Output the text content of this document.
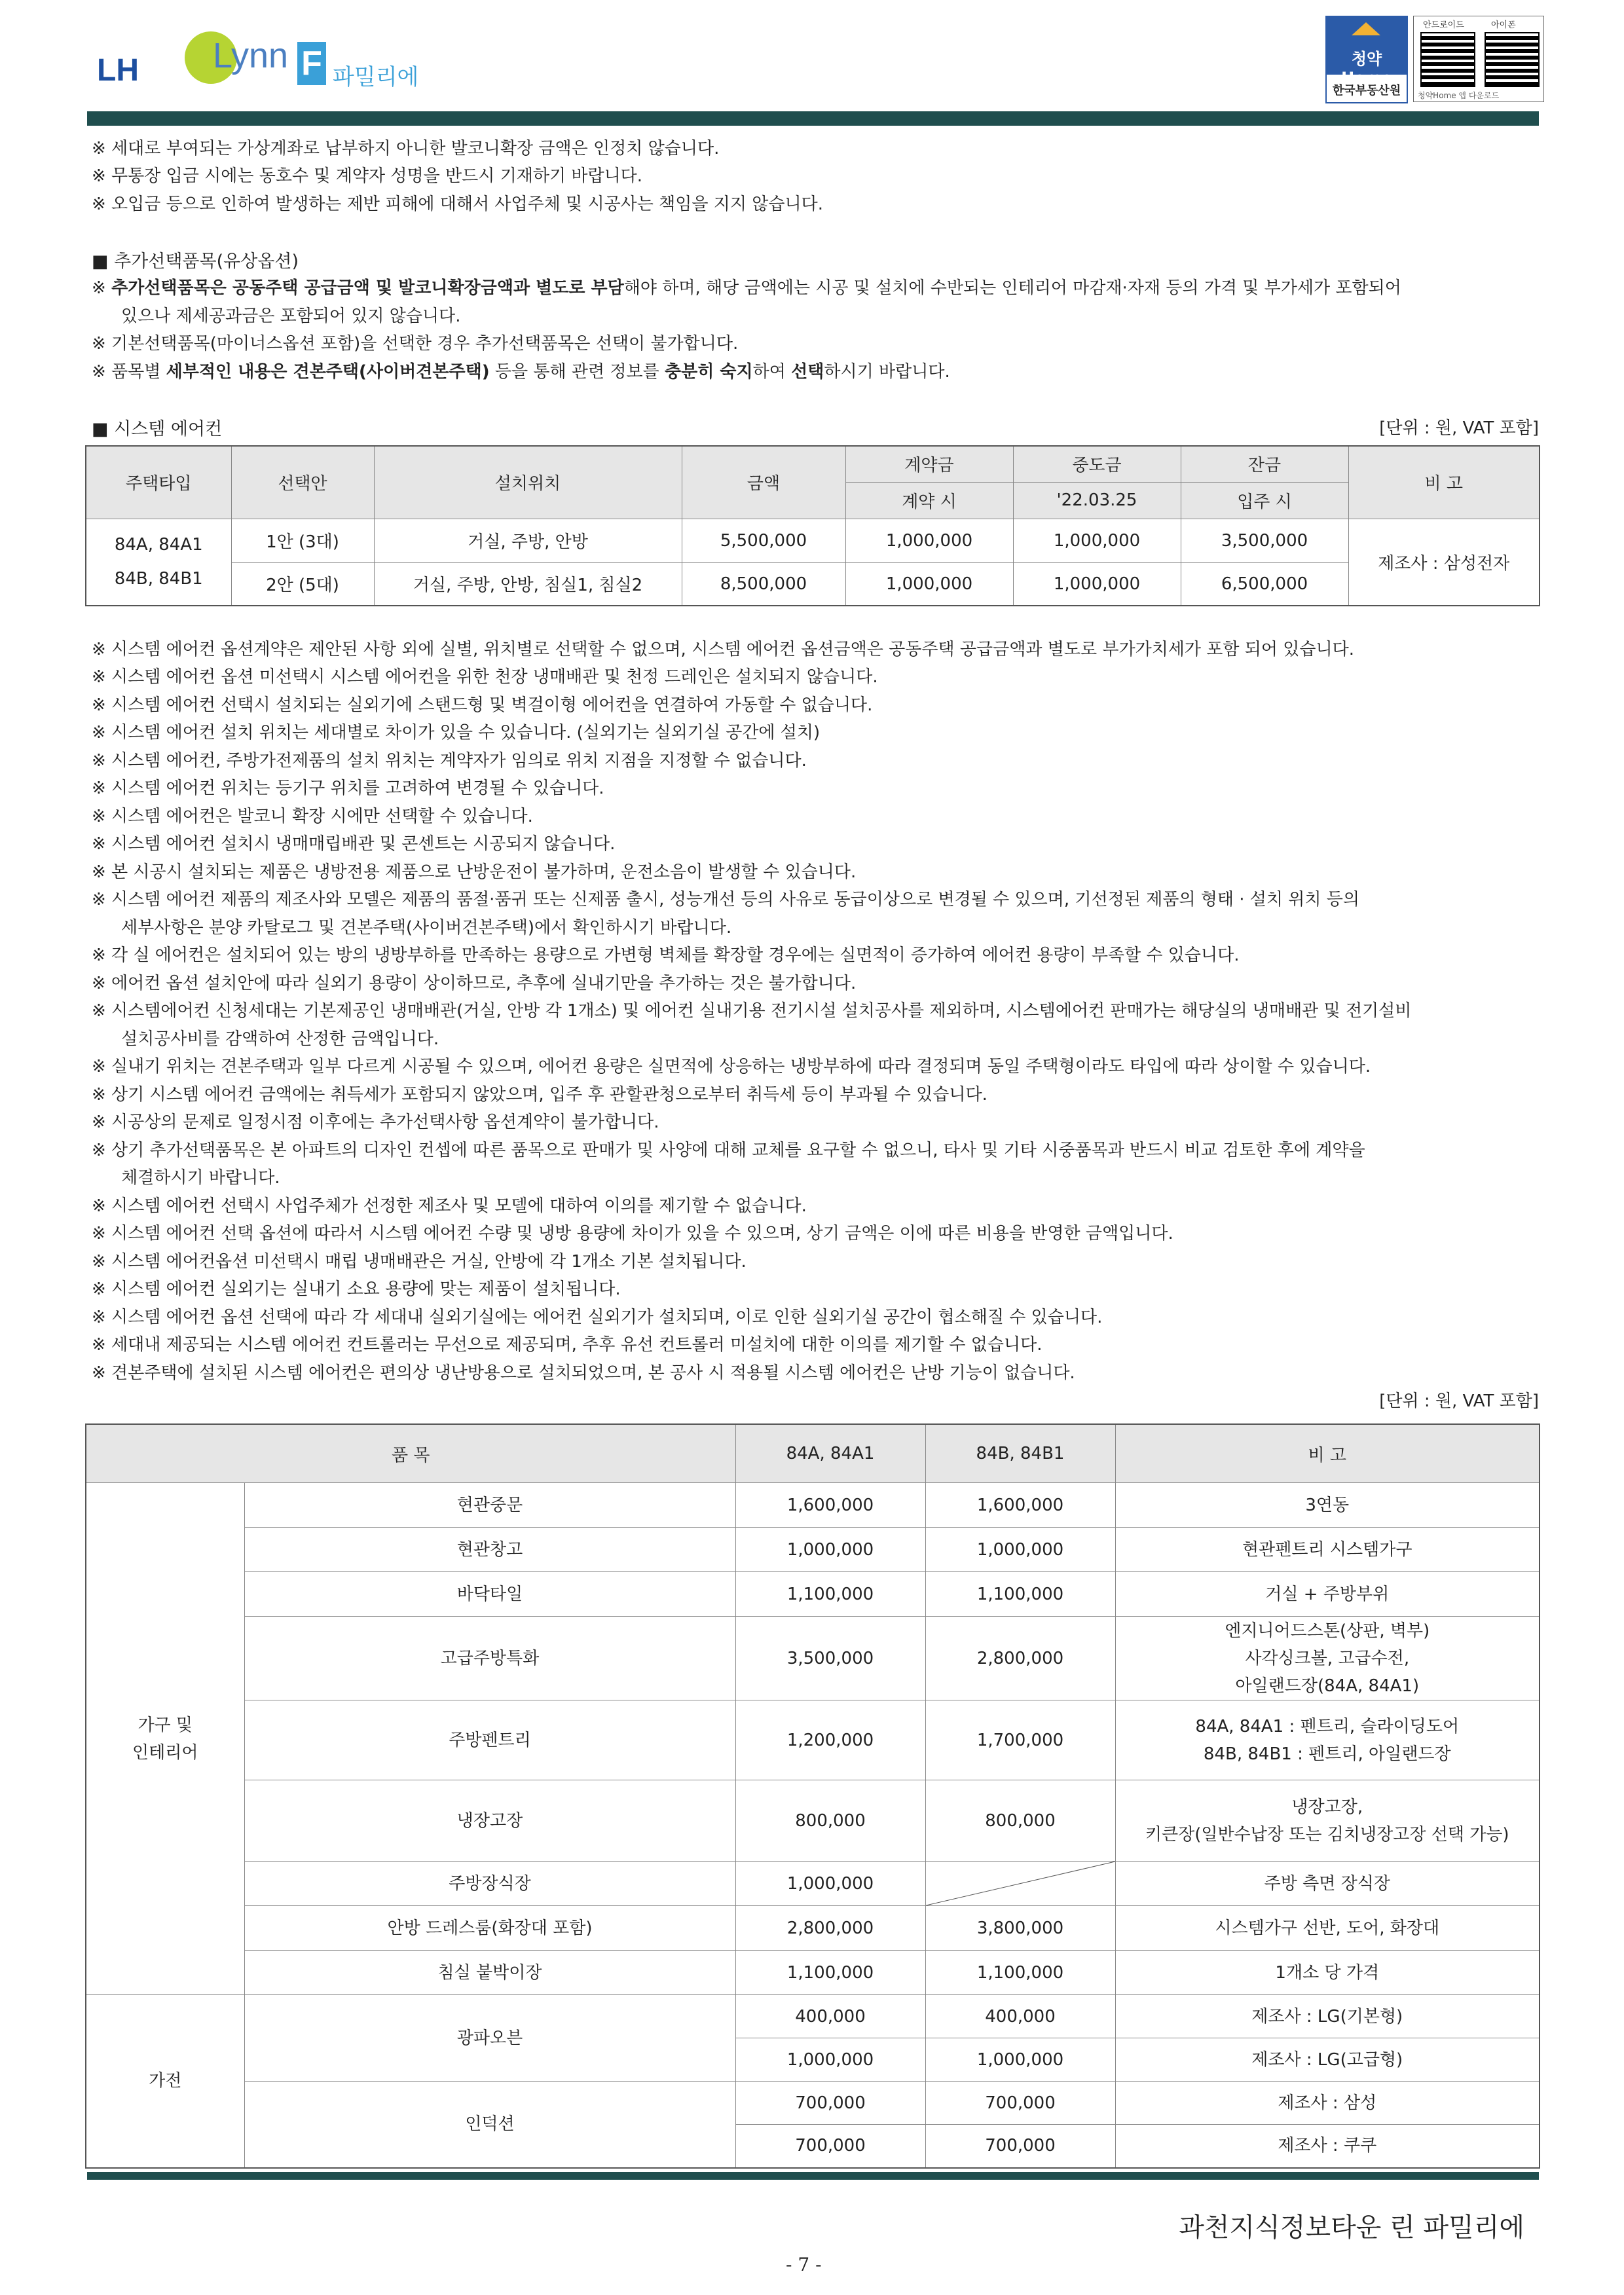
LH Lynn F 파밀리에
청약Home
한국부동산원
안드로이드	아이폰
청약Home 앱 다운로드
※ 세대로 부여되는 가상계좌로 납부하지 아니한 발코니확장 금액은 인정치 않습니다.
※ 무통장 입금 시에는 동호수 및 계약자 성명을 반드시 기재하기 바랍니다.
※ 오입금 등으로 인하여 발생하는 제반 피해에 대해서 사업주체 및 시공사는 책임을 지지 않습니다.
■ 추가선택품목(유상옵션)
※ 추가선택품목은 공동주택 공급금액 및 발코니확장금액과 별도로 부담해야 하며, 해당 금액에는 시공 및 설치에 수반되는 인테리어 마감재·자재 등의 가격 및 부가세가 포함되어
있으나 제세공과금은 포함되어 있지 않습니다.
※ 기본선택품목(마이너스옵션 포함)을 선택한 경우 추가선택품목은 선택이 불가합니다.
※ 품목별 세부적인 내용은 견본주택(사이버견본주택) 등을 통해 관련 정보를 충분히 숙지하여 선택하시기 바랍니다.
■ 시스템 에어컨	[단위 : 원, VAT 포함]
주택타입	선택안	설치위치	금액	계약금	중도금	잔금	비 고
				계약 시	'22.03.25	입주 시	
84A, 84A1
84B, 84B1	1안 (3대)	거실, 주방, 안방	5,500,000	1,000,000	1,000,000	3,500,000	제조사 : 삼성전자
	2안 (5대)	거실, 주방, 안방, 침실1, 침실2	8,500,000	1,000,000	1,000,000	6,500,000	
※ 시스템 에어컨 옵션계약은 제안된 사항 외에 실별, 위치별로 선택할 수 없으며, 시스템 에어컨 옵션금액은 공동주택 공급금액과 별도로 부가가치세가 포함 되어 있습니다.
※ 시스템 에어컨 옵션 미선택시 시스템 에어컨을 위한 천장 냉매배관 및 천정 드레인은 설치되지 않습니다.
※ 시스템 에어컨 선택시 설치되는 실외기에 스탠드형 및 벽걸이형 에어컨을 연결하여 가동할 수 없습니다.
※ 시스템 에어컨 설치 위치는 세대별로 차이가 있을 수 있습니다. (실외기는 실외기실 공간에 설치)
※ 시스템 에어컨, 주방가전제품의 설치 위치는 계약자가 임의로 위치 지점을 지정할 수 없습니다.
※ 시스템 에어컨 위치는 등기구 위치를 고려하여 변경될 수 있습니다.
※ 시스템 에어컨은 발코니 확장 시에만 선택할 수 있습니다.
※ 시스템 에어컨 설치시 냉매매립배관 및 콘센트는 시공되지 않습니다.
※ 본 시공시 설치되는 제품은 냉방전용 제품으로 난방운전이 불가하며, 운전소음이 발생할 수 있습니다.
※ 시스템 에어컨 제품의 제조사와 모델은 제품의 품절·품귀 또는 신제품 출시, 성능개선 등의 사유로 동급이상으로 변경될 수 있으며, 기선정된 제품의 형태 · 설치 위치 등의
세부사항은 분양 카탈로그 및 견본주택(사이버견본주택)에서 확인하시기 바랍니다.
※ 각 실 에어컨은 설치되어 있는 방의 냉방부하를 만족하는 용량으로 가변형 벽체를 확장할 경우에는 실면적이 증가하여 에어컨 용량이 부족할 수 있습니다.
※ 에어컨 옵션 설치안에 따라 실외기 용량이 상이하므로, 추후에 실내기만을 추가하는 것은 불가합니다.
※ 시스템에어컨 신청세대는 기본제공인 냉매배관(거실, 안방 각 1개소) 및 에어컨 실내기용 전기시설 설치공사를 제외하며, 시스템에어컨 판매가는 해당실의 냉매배관 및 전기설비
설치공사비를 감액하여 산정한 금액입니다.
※ 실내기 위치는 견본주택과 일부 다르게 시공될 수 있으며, 에어컨 용량은 실면적에 상응하는 냉방부하에 따라 결정되며 동일 주택형이라도 타입에 따라 상이할 수 있습니다.
※ 상기 시스템 에어컨 금액에는 취득세가 포함되지 않았으며, 입주 후 관할관청으로부터 취득세 등이 부과될 수 있습니다.
※ 시공상의 문제로 일정시점 이후에는 추가선택사항 옵션계약이 불가합니다.
※ 상기 추가선택품목은 본 아파트의 디자인 컨셉에 따른 품목으로 판매가 및 사양에 대해 교체를 요구할 수 없으니, 타사 및 기타 시중품목과 반드시 비교 검토한 후에 계약을
체결하시기 바랍니다.
※ 시스템 에어컨 선택시 사업주체가 선정한 제조사 및 모델에 대하여 이의를 제기할 수 없습니다.
※ 시스템 에어컨 선택 옵션에 따라서 시스템 에어컨 수량 및 냉방 용량에 차이가 있을 수 있으며, 상기 금액은 이에 따른 비용을 반영한 금액입니다.
※ 시스템 에어컨옵션 미선택시 매립 냉매배관은 거실, 안방에 각 1개소 기본 설치됩니다.
※ 시스템 에어컨 실외기는 실내기 소요 용량에 맞는 제품이 설치됩니다.
※ 시스템 에어컨 옵션 선택에 따라 각 세대내 실외기실에는 에어컨 실외기가 설치되며, 이로 인한 실외기실 공간이 협소해질 수 있습니다.
※ 세대내 제공되는 시스템 에어컨 컨트롤러는 무선으로 제공되며, 추후 유선 컨트롤러 미설치에 대한 이의를 제기할 수 없습니다.
※ 견본주택에 설치된 시스템 에어컨은 편의상 냉난방용으로 설치되었으며, 본 공사 시 적용될 시스템 에어컨은 난방 기능이 없습니다.
[단위 : 원, VAT 포함]
품 목		84A, 84A1	84B, 84B1	비 고
가구 및
인테리어	현관중문	1,600,000	1,600,000	3연동
	현관창고	1,000,000	1,000,000	현관펜트리 시스템가구
	바닥타일	1,100,000	1,100,000	거실 + 주방부위
	고급주방특화	3,500,000	2,800,000	엔지니어드스톤(상판, 벽부)
사각싱크볼, 고급수전,
아일랜드장(84A, 84A1)
	주방펜트리	1,200,000	1,700,000	84A, 84A1 : 펜트리, 슬라이딩도어
84B, 84B1 : 펜트리, 아일랜드장
	냉장고장	800,000	800,000	냉장고장,
키큰장(일반수납장 또는 김치냉장고장 선택 가능)
	주방장식장	1,000,000		주방 측면 장식장
	안방 드레스룸(화장대 포함)	2,800,000	3,800,000	시스템가구 선반, 도어, 화장대
	침실 붙박이장	1,100,000	1,100,000	1개소 당 가격
가전	광파오븐	400,000	400,000	제조사 : LG(기본형)
		1,000,000	1,000,000	제조사 : LG(고급형)
	인덕션	700,000	700,000	제조사 : 삼성
		700,000	700,000	제조사 : 쿠쿠
과천지식정보타운 린 파밀리에
- 7 -
